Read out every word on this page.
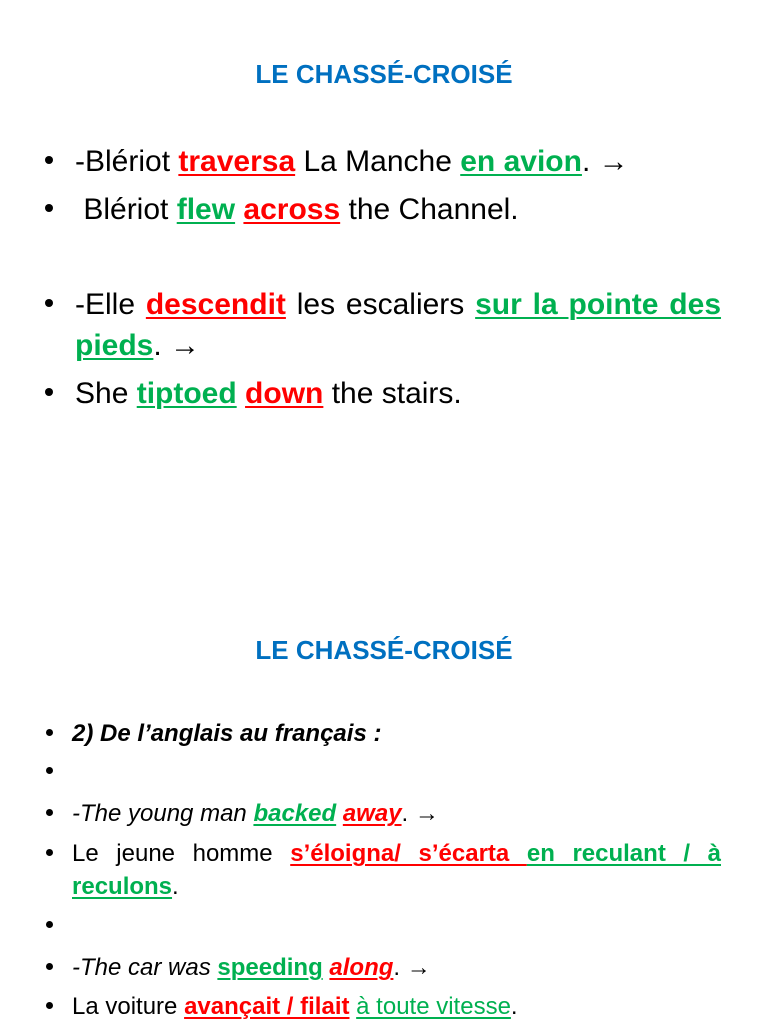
LE CHASSÉ-CROISÉ

-Blériot traversa La Manche en avion. →

Blériot flew across the Channel.

-Elle descendit les escaliers sur la pointe des pieds. →

She tiptoed down the stairs.

LE CHASSÉ-CROISÉ

2) De l’anglais au français :

-The young man backed away. →

Le jeune homme s’éloigna/ s’écarta en reculant / à reculons.

-The car was speeding along. →

La voiture avançait / filait à toute vitesse.
